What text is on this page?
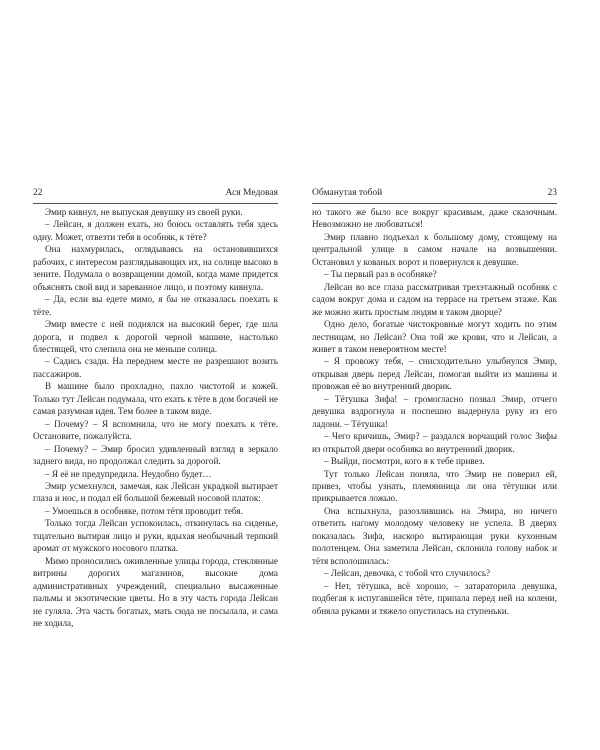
22	Ася Медовая

Эмир кивнул, не выпуская девушку из своей руки.

– Лейсан, я должен ехать, но боюсь оставлять тебя здесь одну. Может, отвезти тебя в особняк, к тёте?

Она нахмурилась, оглядываясь на остановившихся рабочих, с интересом разглядывающих их, на солнце высоко в зените. Подумала о возвращении домой, когда маме придется объяснять свой вид и зареванное лицо, и поэтому кивнула.

– Да, если вы едете мимо, я бы не отказалась поехать к тёте.

Эмир вместе с ней поднялся на высокий берег, где шла дорога, и подвел к дорогой черной машине, настолько блестящей, что слепила она не меньше солнца.

– Садись сзади. На переднем месте не разрешают возить пассажиров.

В машине было прохладно, пахло чистотой и кожей. Только тут Лейсан подумала, что ехать к тёте в дом богачей не самая разумная идея. Тем более в таком виде.

– Почему? – Я вспомнила, что не могу поехать к тёте. Остановите, пожалуйста.

– Почему? – Эмир бросил удивленный взгляд в зеркало заднего вида, но продолжал следить за дорогой.

– Я её не предупредила. Неудобно будет…

Эмир усмехнулся, замечая, как Лейсан украдкой вытирает глаза и нос, и подал ей большой бежевый носовой платок:

– Умоешься в особняке, потом тётя проводит тебя.

Только тогда Лейсан успокоилась, откинулась на сиденье, тщательно вытирая лицо и руки, вдыхая необычный терпкий аромат от мужского носового платка.

Мимо проносились оживленные улицы города, стеклянные витрины дорогих магазинов, высокие дома административных учреждений, специально высаженные пальмы и экзотические цветы. Но в эту часть города Лейсан не гуляла. Эта часть богатых, мать сюда не посылала, и сама не ходила,

Обманутая тобой	23

но такого же было все вокруг красивым, даже сказочным. Невозможно не любоваться!

Эмир плавно подъехал к большому дому, стоящему на центральной улице в самом начале на возвышении. Остановил у кованых ворот и повернулся к девушке.

– Ты первый раз в особняке?

Лейсан во все глаза рассматривая трехэтажный особняк с садом вокруг дома и садом на террасе на третьем этаже. Как же можно жить простым людям в таком дворце?

Одно дело, богатые чистокровные могут ходить по этим лестницам, но Лейсан? Она той же крови, что и Лейсан, а живет в таком невероятном месте!

– Я провожу тебя, – снисходительно улыбнулся Эмир, открывая дверь перед Лейсан, помогая выйти из машины и провожая её во внутренний дворик.

– Тётушка Зифа! – громогласно позвал Эмир, отчего девушка вздрогнула и поспешно выдернула руку из его ладони. – Тётушка!

– Чего кричишь, Эмир? – раздался ворчащий голос Зифы из открытой двери особняка во внутренний дворик.

– Выйди, посмотри, кого я к тебе привез.

Тут только Лейсан поняла, что Эмир не поверил ей, привез, чтобы узнать, племянница ли она тётушки или прикрывается ложью.

Она вспыхнула, разозлившись на Эмира, но ничего ответить нагому молодому человеку не успела. В дверях показалась Зифа, наскоро вытирающая руки кухонным полотенцем. Она заметила Лейсан, склонила голову набок и тётя всполошилась:

– Лейсан, девочка, с тобой что случилось?

– Нет, тётушка, всё хорошо, – затараторила девушка, подбегая к испугавшейся тёте, припала перед ней на колени, обняла руками и тяжело опустилась на ступеньки.
